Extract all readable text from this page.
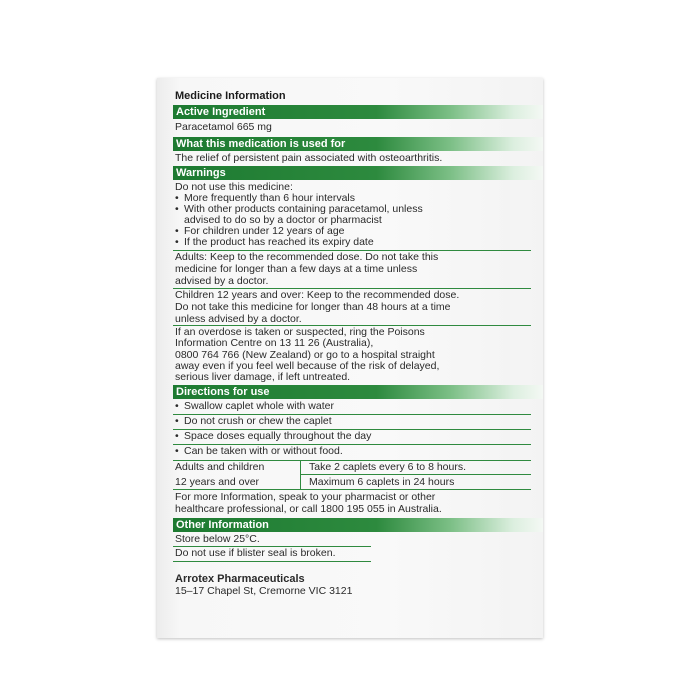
Medicine Information
Active Ingredient
Paracetamol 665 mg
What this medication is used for
The relief of persistent pain associated with osteoarthritis.
Warnings
Do not use this medicine:
• More frequently than 6 hour intervals
• With other products containing paracetamol, unless
advised to do so by a doctor or pharmacist
• For children under 12 years of age
• If the product has reached its expiry date
Adults: Keep to the recommended dose. Do not take this
medicine for longer than a few days at a time unless
advised by a doctor.
Children 12 years and over: Keep to the recommended dose.
Do not take this medicine for longer than 48 hours at a time
unless advised by a doctor.
If an overdose is taken or suspected, ring the Poisons
Information Centre on 13 11 26 (Australia),
0800 764 766 (New Zealand) or go to a hospital straight
away even if you feel well because of the risk of delayed,
serious liver damage, if left untreated.
Directions for use
• Swallow caplet whole with water
• Do not crush or chew the caplet
• Space doses equally throughout the day
• Can be taken with or without food.
Adults and children
12 years and over
Take 2 caplets every 6 to 8 hours.
Maximum 6 caplets in 24 hours
For more Information, speak to your pharmacist or other
healthcare professional, or call 1800 195 055 in Australia.
Other Information
Store below 25°C.
Do not use if blister seal is broken.
Arrotex Pharmaceuticals
15–17 Chapel St, Cremorne VIC 3121
